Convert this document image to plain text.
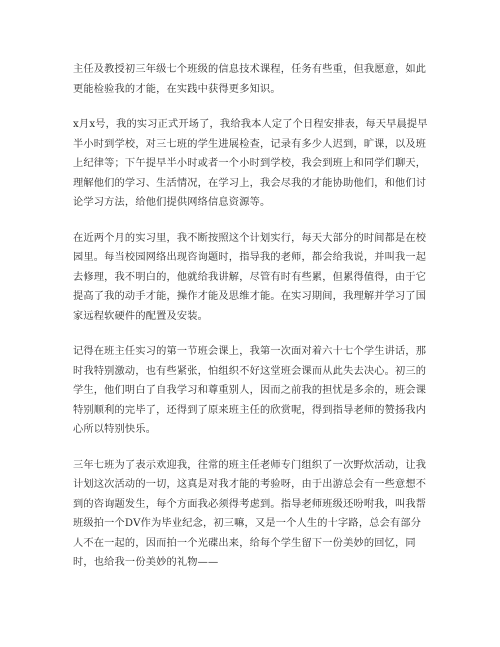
主任及教授初三年级七个班级的信息技术课程，任务有些重，但我愿意，如此更能检验我的才能，在实践中获得更多知识。

x月x号，我的实习正式开场了，我给我本人定了个日程安排表，每天早晨提早半小时到学校，对三七班的学生进展检查，记录有多少人迟到，旷课，以及班上纪律等；下午提早半小时或者一个小时到学校，我会到班上和同学们聊天，理解他们的学习、生活情况，在学习上，我会尽我的才能协助他们，和他们讨论学习方法，给他们提供网络信息资源等。

在近两个月的实习里，我不断按照这个计划实行，每天大部分的时间都是在校园里。每当校园网络出现咨询题时，指导我的老师，都会给我说，并叫我一起去修理，我不明白的，他就给我讲解，尽管有时有些累，但累得值得，由于它提高了我的动手才能，操作才能及思维才能。在实习期间，我理解并学习了国家远程软硬件的配置及安装。

记得在班主任实习的第一节班会课上，我第一次面对着六十七个学生讲话，那时我特别激动，也有些紧张，怕组织不好这堂班会课而从此失去决心。初三的学生，他们明白了自我学习和尊重别人，因而之前我的担忧是多余的，班会课特别顺利的完毕了，还得到了原来班主任的欣赏呢，得到指导老师的赞扬我内心所以特别快乐。

三年七班为了表示欢迎我，往常的班主任老师专门组织了一次野炊活动，让我计划这次活动的一切，这真是对我才能的考验呀，由于出游总会有一些意想不到的咨询题发生，每个方面我必须得考虑到。指导老师班级还吩咐我，叫我帮班级拍一个DV作为毕业纪念，初三嘛，又是一个人生的十字路，总会有部分人不在一起的，因而拍一个光碟出来，给每个学生留下一份美妙的回忆，同时，也给我一份美妙的礼物——
